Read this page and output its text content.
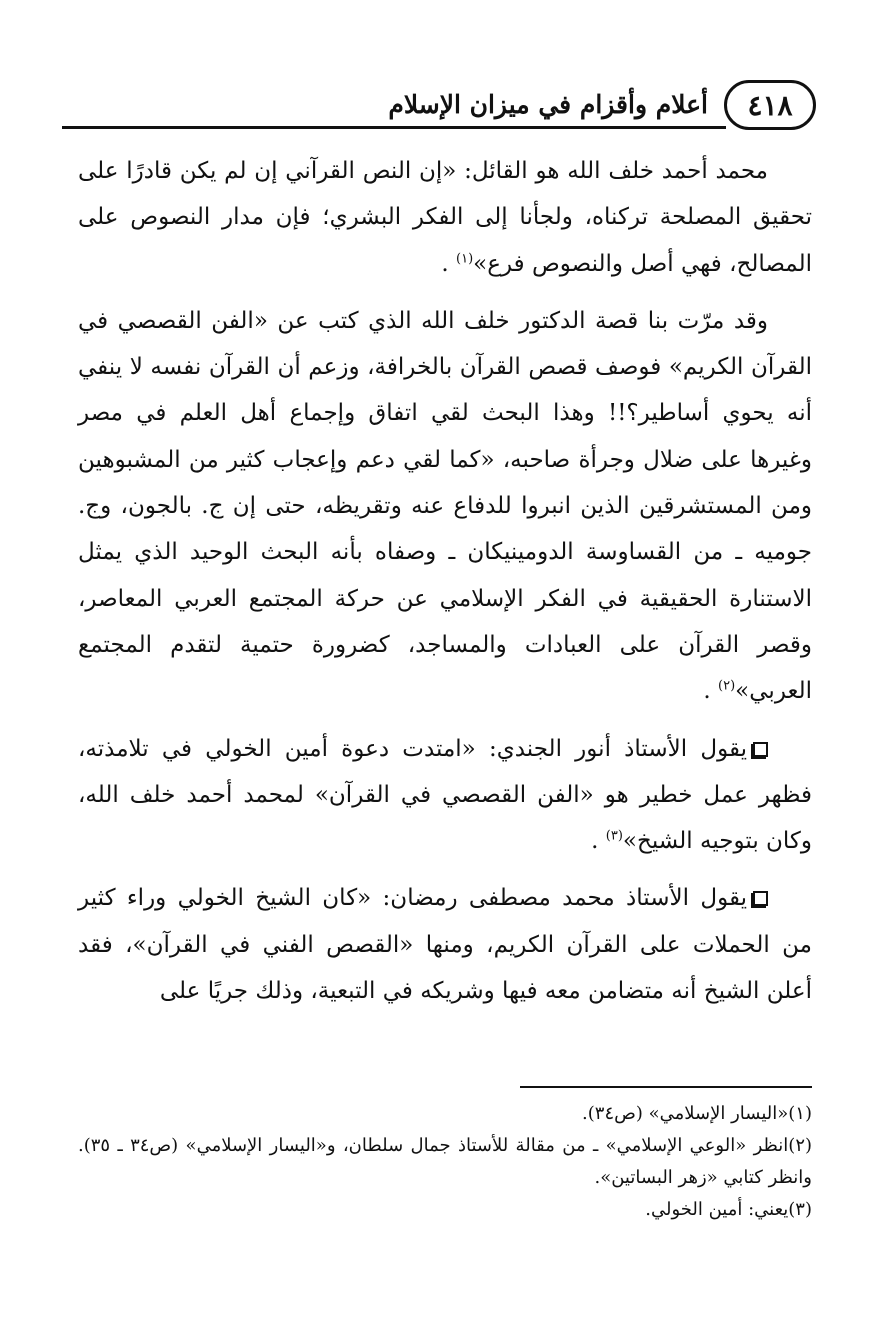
٤١٨
أعلام وأقزام في ميزان الإسلام

محمد أحمد خلف الله هو القائل: «إن النص القرآني إن لم يكن قادرًا على تحقيق المصلحة تركناه، ولجأنا إلى الفكر البشري؛ فإن مدار النصوص على المصالح، فهي أصل والنصوص فرع»$^{(١)}$ .

وقد مرّت بنا قصة الدكتور خلف الله الذي كتب عن «الفن القصصي في القرآن الكريم» فوصف قصص القرآن بالخرافة، وزعم أن القرآن نفسه لا ينفي أنه يحوي أساطير؟!! وهذا البحث لقي اتفاق وإجماع أهل العلم في مصر وغيرها على ضلال وجرأة صاحبه، «كما لقي دعم وإعجاب كثير من المشبوهين ومن المستشرقين الذين انبروا للدفاع عنه وتقريظه، حتى إن ج. بالجون، وج. جوميه ـ من القساوسة الدومينيكان ـ وصفاه بأنه البحث الوحيد الذي يمثل الاستنارة الحقيقية في الفكر الإسلامي عن حركة المجتمع العربي المعاصر، وقصر القرآن على العبادات والمساجد، كضرورة حتمية لتقدم المجتمع العربي»$^{(٢)}$ .

يقول الأستاذ أنور الجندي: «امتدت دعوة أمين الخولي في تلامذته، فظهر عمل خطير هو «الفن القصصي في القرآن» لمحمد أحمد خلف الله، وكان بتوجيه الشيخ»$^{(٣)}$ .

يقول الأستاذ محمد مصطفى رمضان: «كان الشيخ الخولي وراء كثير من الحملات على القرآن الكريم، ومنها «القصص الفني في القرآن»، فقد أعلن الشيخ أنه متضامن معه فيها وشريكه في التبعية، وذلك جريًا على

(١)«اليسار الإسلامي» (ص٣٤).

(٢)انظر «الوعي الإسلامي» ـ من مقالة للأستاذ جمال سلطان، و«اليسار الإسلامي» (ص٣٤ ـ ٣٥). وانظر كتابي «زهر البساتين».

(٣)يعني: أمين الخولي.
